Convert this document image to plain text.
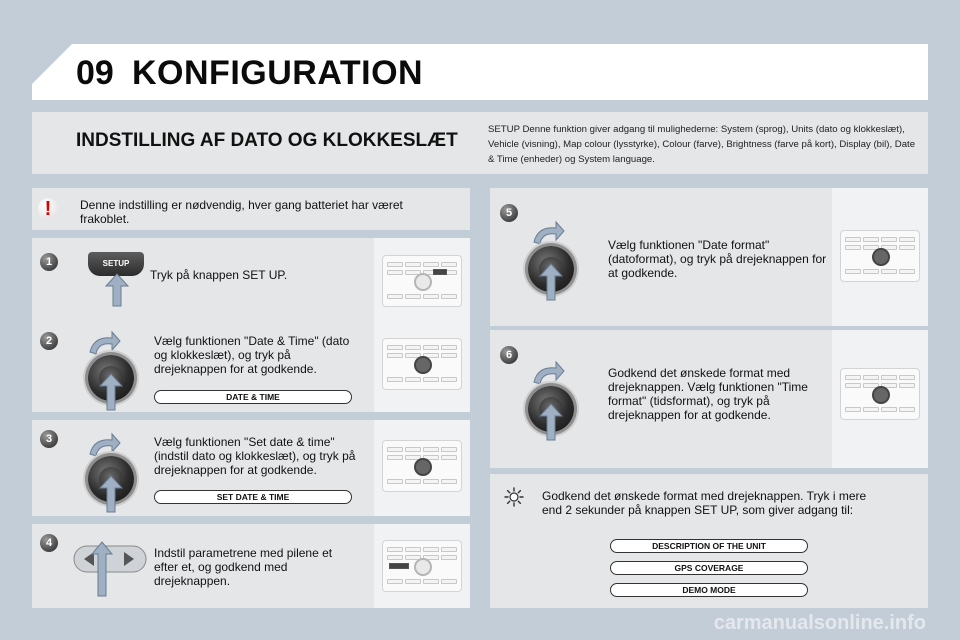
09 KONFIGURATION
INDSTILLING AF DATO OG KLOKKESLÆT
SETUP Denne funktion giver adgang til mulighederne: System (sprog), Units (dato og klokkeslæt), Vehicle (visning), Map colour (lysstyrke), Colour (farve), Brightness (farve på kort), Display (bil), Date & Time (enheder) og System language.
!	Denne indstilling er nødvendig, hver gang batteriet har været frakoblet.
1	SETUP
Tryk på knappen SET UP.
2	Vælg funktionen "Date & Time" (dato og klokkeslæt), og tryk på drejeknappen for at godkende.
DATE & TIME
3	Vælg funktionen "Set date & time" (indstil dato og klokkeslæt), og tryk på drejeknappen for at godkende.
SET DATE & TIME
4
Indstil parametrene med pilene et efter et, og godkend med drejeknappen.
5
Vælg funktionen "Date format" (datoformat), og tryk på drejeknappen for at godkende.
6
Godkend det ønskede format med drejeknappen. Vælg funktionen "Time format" (tidsformat), og tryk på drejeknappen for at godkende.
Godkend det ønskede format med drejeknappen. Tryk i mere end 2 sekunder på knappen SET UP, som giver adgang til:
DESCRIPTION OF THE UNIT
GPS COVERAGE
DEMO MODE
carmanualsonline.info
